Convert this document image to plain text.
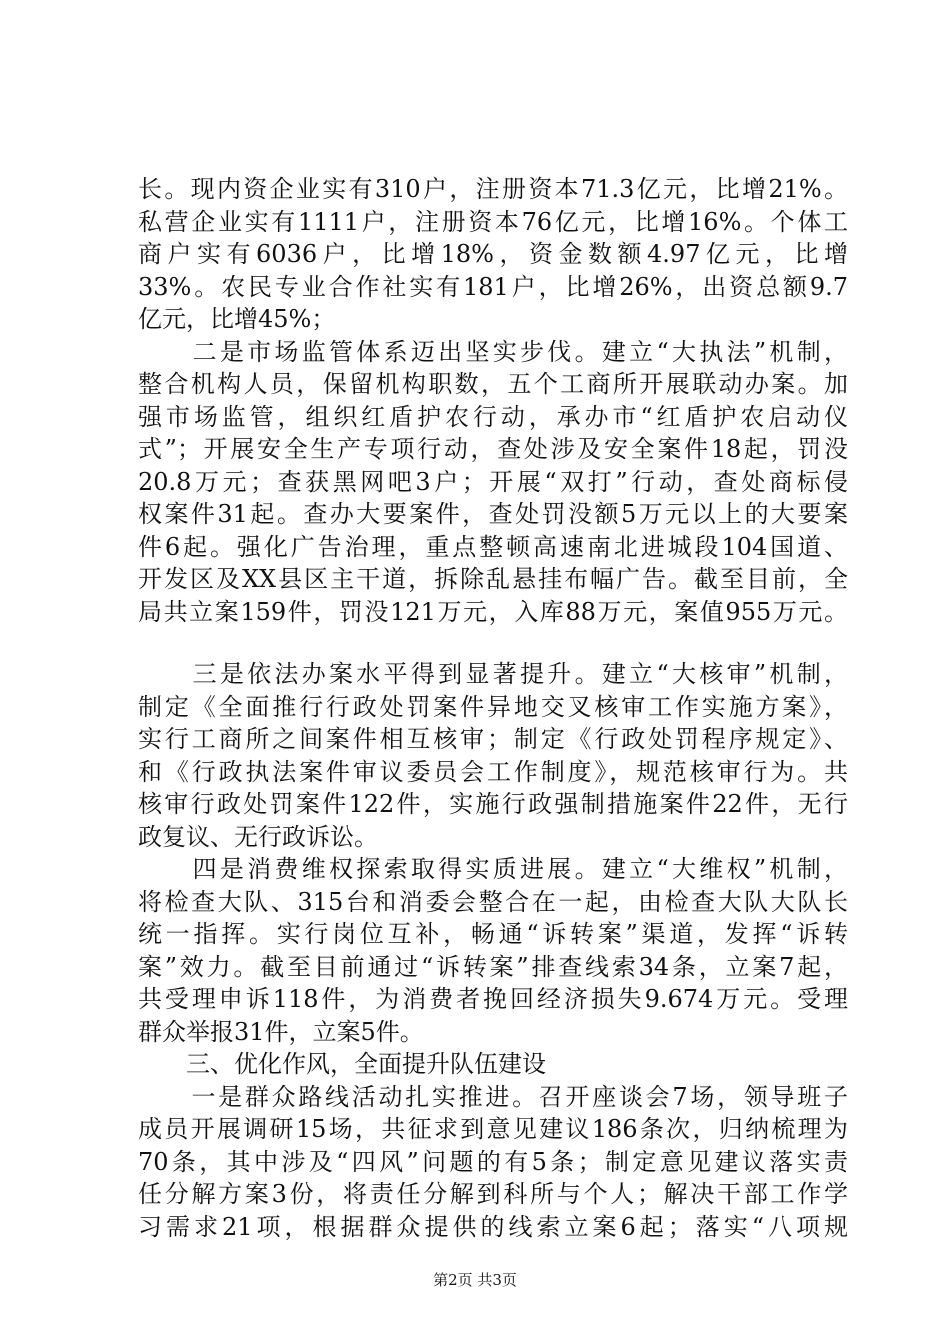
长。现内资企业实有310户，注册资本71.3亿元，比增21%。
私营企业实有1111户，注册资本76亿元，比增16%。个体工
商户实有6036户，比增18%，资金数额4.97亿元，比增
33%。农民专业合作社实有181户，比增26%，出资总额9.7
亿元，比增45%；
　　二是市场监管体系迈出坚实步伐。建立“大执法”机制，
整合机构人员，保留机构职数，五个工商所开展联动办案。加
强市场监管，组织红盾护农行动，承办市“红盾护农启动仪
式”；开展安全生产专项行动，查处涉及安全案件18起，罚没
20.8万元；查获黑网吧3户；开展“双打”行动，查处商标侵
权案件31起。查办大要案件，查处罚没额5万元以上的大要案
件6起。强化广告治理，重点整顿高速南北进城段104国道、
开发区及XX县区主干道，拆除乱悬挂布幅广告。截至目前，全
局共立案159件，罚没121万元，入库88万元，案值955万元。
　　三是依法办案水平得到显著提升。建立“大核审”机制，
制定《全面推行行政处罚案件异地交叉核审工作实施方案》，
实行工商所之间案件相互核审；制定《行政处罚程序规定》、
和《行政执法案件审议委员会工作制度》，规范核审行为。共
核审行政处罚案件122件，实施行政强制措施案件22件，无行
政复议、无行政诉讼。
　　四是消费维权探索取得实质进展。建立“大维权”机制，
将检查大队、315台和消委会整合在一起，由检查大队大队长
统一指挥。实行岗位互补，畅通“诉转案”渠道，发挥“诉转
案”效力。截至目前通过“诉转案”排查线索34条，立案7起，
共受理申诉118件，为消费者挽回经济损失9.674万元。受理
群众举报31件，立案5件。
　　三、优化作风，全面提升队伍建设
　　一是群众路线活动扎实推进。召开座谈会7场，领导班子
成员开展调研15场，共征求到意见建议186条次，归纳梳理为
70条，其中涉及“四风”问题的有5条；制定意见建议落实责
任分解方案3份，将责任分解到科所与个人；解决干部工作学
习需求21项，根据群众提供的线索立案6起；落实“八项规
第2页 共3页
